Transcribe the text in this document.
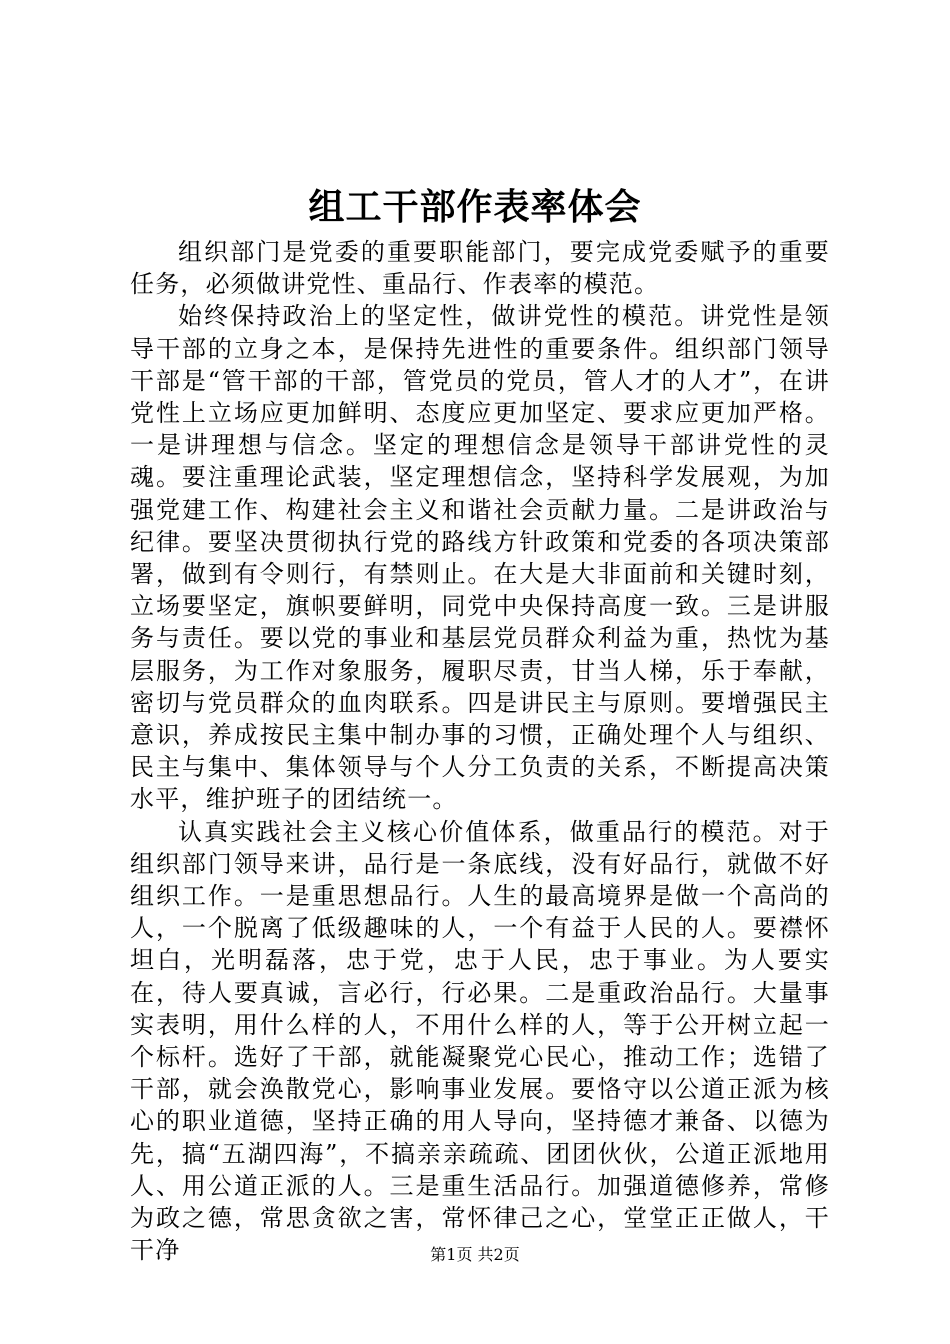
组工干部作表率体会

组织部门是党委的重要职能部门，要完成党委赋予的重要任务，必须做讲党性、重品行、作表率的模范。

始终保持政治上的坚定性，做讲党性的模范。讲党性是领导干部的立身之本，是保持先进性的重要条件。组织部门领导干部是“管干部的干部，管党员的党员，管人才的人才”，在讲党性上立场应更加鲜明、态度应更加坚定、要求应更加严格。一是讲理想与信念。坚定的理想信念是领导干部讲党性的灵魂。要注重理论武装，坚定理想信念，坚持科学发展观，为加强党建工作、构建社会主义和谐社会贡献力量。二是讲政治与纪律。要坚决贯彻执行党的路线方针政策和党委的各项决策部署，做到有令则行，有禁则止。在大是大非面前和关键时刻，立场要坚定，旗帜要鲜明，同党中央保持高度一致。三是讲服务与责任。要以党的事业和基层党员群众利益为重，热忱为基层服务，为工作对象服务，履职尽责，甘当人梯，乐于奉献，密切与党员群众的血肉联系。四是讲民主与原则。要增强民主意识，养成按民主集中制办事的习惯，正确处理个人与组织、民主与集中、集体领导与个人分工负责的关系，不断提高决策水平，维护班子的团结统一。

认真实践社会主义核心价值体系，做重品行的模范。对于组织部门领导来讲，品行是一条底线，没有好品行，就做不好组织工作。一是重思想品行。人生的最高境界是做一个高尚的人，一个脱离了低级趣味的人，一个有益于人民的人。要襟怀坦白，光明磊落，忠于党，忠于人民，忠于事业。为人要实在，待人要真诚，言必行，行必果。二是重政治品行。大量事实表明，用什么样的人，不用什么样的人，等于公开树立起一个标杆。选好了干部，就能凝聚党心民心，推动工作；选错了干部，就会涣散党心，影响事业发展。要恪守以公道正派为核心的职业道德，坚持正确的用人导向，坚持德才兼备、以德为先，搞“五湖四海”，不搞亲亲疏疏、团团伙伙，公道正派地用人、用公道正派的人。三是重生活品行。加强道德修养，常修为政之德，常思贪欲之害，常怀律己之心，堂堂正正做人，干干净	第1页 共2页
